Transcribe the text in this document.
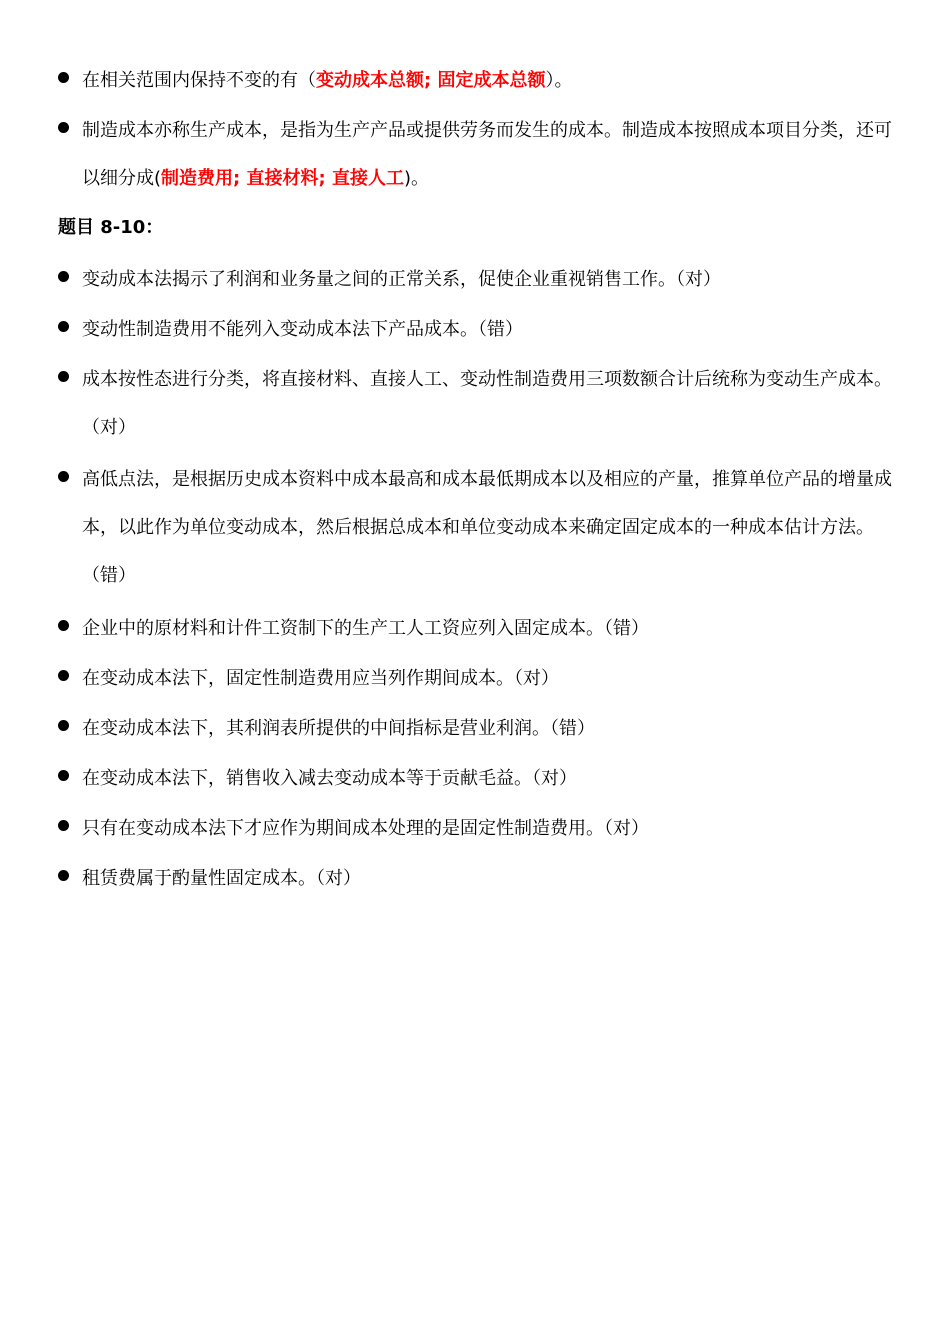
在相关范围内保持不变的有（变动成本总额; 固定成本总额）。
制造成本亦称生产成本，是指为生产产品或提供劳务而发生的成本。制造成本按照成本项目分类，还可以细分成(制造费用; 直接材料; 直接人工)。
题目 8-10：
变动成本法揭示了利润和业务量之间的正常关系，促使企业重视销售工作。（对）
变动性制造费用不能列入变动成本法下产品成本。（错）
成本按性态进行分类，将直接材料、直接人工、变动性制造费用三项数额合计后统称为变动生产成本。（对）
高低点法，是根据历史成本资料中成本最高和成本最低期成本以及相应的产量，推算单位产品的增量成本，以此作为单位变动成本，然后根据总成本和单位变动成本来确定固定成本的一种成本估计方法。（错）
企业中的原材料和计件工资制下的生产工人工资应列入固定成本。（错）
在变动成本法下，固定性制造费用应当列作期间成本。（对）
在变动成本法下，其利润表所提供的中间指标是营业利润。（错）
在变动成本法下，销售收入减去变动成本等于贡献毛益。（对）
只有在变动成本法下才应作为期间成本处理的是固定性制造费用。（对）
租赁费属于酌量性固定成本。（对）
